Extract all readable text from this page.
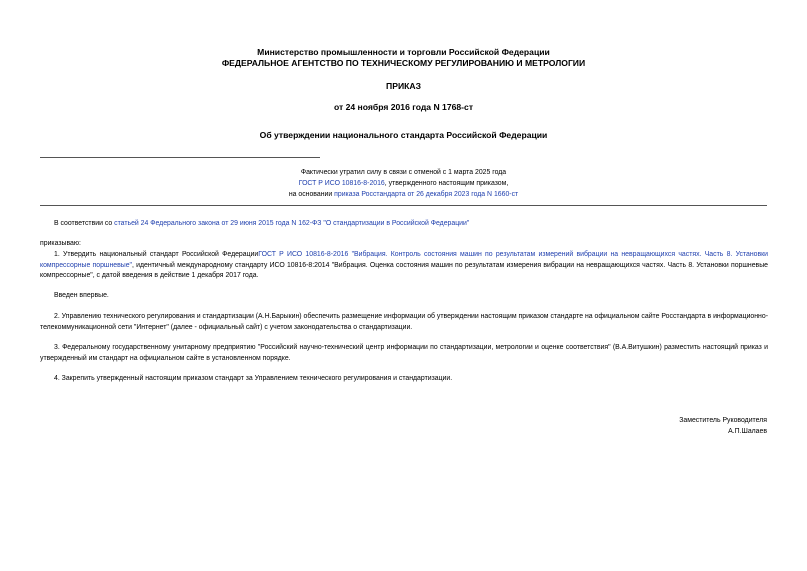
Министерство промышленности и торговли Российской Федерации
ФЕДЕРАЛЬНОЕ АГЕНТСТВО ПО ТЕХНИЧЕСКОМУ РЕГУЛИРОВАНИЮ И МЕТРОЛОГИИ
ПРИКАЗ
от 24 ноября 2016 года N 1768-ст
Об утверждении национального стандарта Российской Федерации
Фактически утратил силу в связи с отменой с 1 марта 2025 года
ГОСТ Р ИСО 10816-8-2016, утвержденного настоящим приказом,
на основании приказа Росстандарта от 26 декабря 2023 года N 1660-ст
В соответствии со статьей 24 Федерального закона от 29 июня 2015 года N 162-ФЗ "О стандартизации в Российской Федерации"
приказываю:
1. Утвердить национальный стандарт Российской ФедерацииГОСТ Р ИСО 10816-8-2016 "Вибрация. Контроль состояния машин по результатам измерений вибрации на невращающихся частях. Часть 8. Установки компрессорные поршневые", идентичный международному стандарту ИСО 10816-8:2014 "Вибрация. Оценка состояния машин по результатам измерения вибрации на невращающихся частях. Часть 8. Установки поршневые компрессорные", с датой введения в действие 1 декабря 2017 года.
Введен впервые.
2. Управлению технического регулирования и стандартизации (А.Н.Барыкин) обеспечить размещение информации об утверждении настоящим приказом стандарте на официальном сайте Росстандарта в информационно-телекоммуникационной сети "Интернет" (далее - официальный сайт) с учетом законодательства о стандартизации.
3. Федеральному государственному унитарному предприятию "Российский научно-технический центр информации по стандартизации, метрологии и оценке соответствия" (В.А.Витушкин) разместить настоящий приказ и утвержденный им стандарт на официальном сайте в установленном порядке.
4. Закрепить утвержденный настоящим приказом стандарт за Управлением технического регулирования и стандартизации.
Заместитель Руководителя
А.П.Шалаев
